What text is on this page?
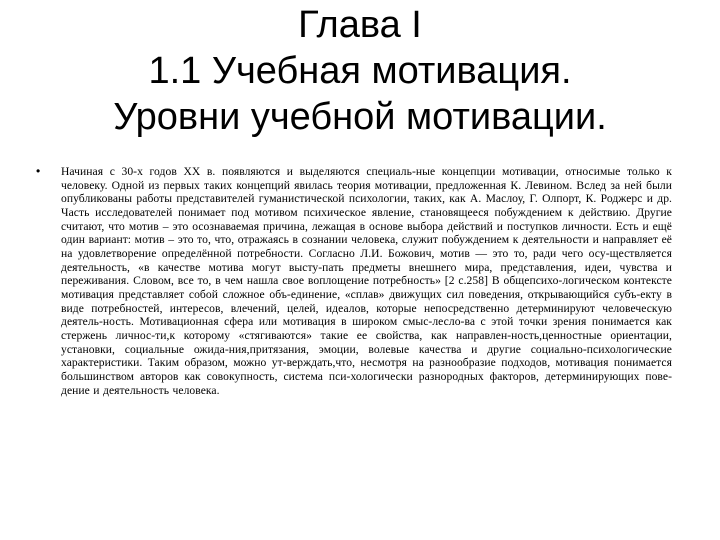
Глава I
1.1 Учебная мотивация.
Уровни учебной мотивации.
• Начиная с 30-х годов XX в. появляются и выделяются специаль-ные концепции мотивации, относимые только к человеку. Одной из первых таких концепций явилась теория мотивации, предложенная К. Левином. Вслед за ней были опубликованы работы представителей гуманистической психологии, таких, как А. Маслоу, Г. Олпорт, К. Роджерс и др. Часть исследователей понимает под мотивом психическое явление, становящееся побуждением к действию. Другие считают, что мотив – это осознаваемая причина, лежащая в основе выбора действий и поступков личности. Есть и ещё один вариант: мотив – это то, что, отражаясь в сознании человека, служит побуждением к деятельности и направляет её на удовлетворение определённой потребности. Согласно Л.И. Божович, мотив — это то, ради чего осу-ществляется деятельность, «в качестве мотива могут высту-пать предметы внешнего мира, представления, идеи, чувства и переживания. Словом, все то, в чем нашла свое воплощение потребность» [2 с.258] В общепсихо-логическом контексте мотивация представляет собой сложное объ-единение, «сплав» движущих сил поведения, открывающийся субъ-екту в виде потребностей, интересов, влечений, целей, идеалов, которые непосредственно детерминируют человеческую деятель-ность. Мотивационная сфера или мотивация в широком смыс-лесло-ва с этой точки зрения понимается как стержень личнос-ти,к которому «стягиваются» такие ее свойства, как направлен-ность,ценностные ориентации, установки, социальные ожида-ния,притязания, эмоции, волевые качества и другие социально-психологические характеристики. Таким образом, можно ут-верждать,что, несмотря на разнообразие подходов, мотивация понимается большинством авторов как совокупность, система пси-хологически разнородных факторов, детерминирующих пове-дение и деятельность человека.
